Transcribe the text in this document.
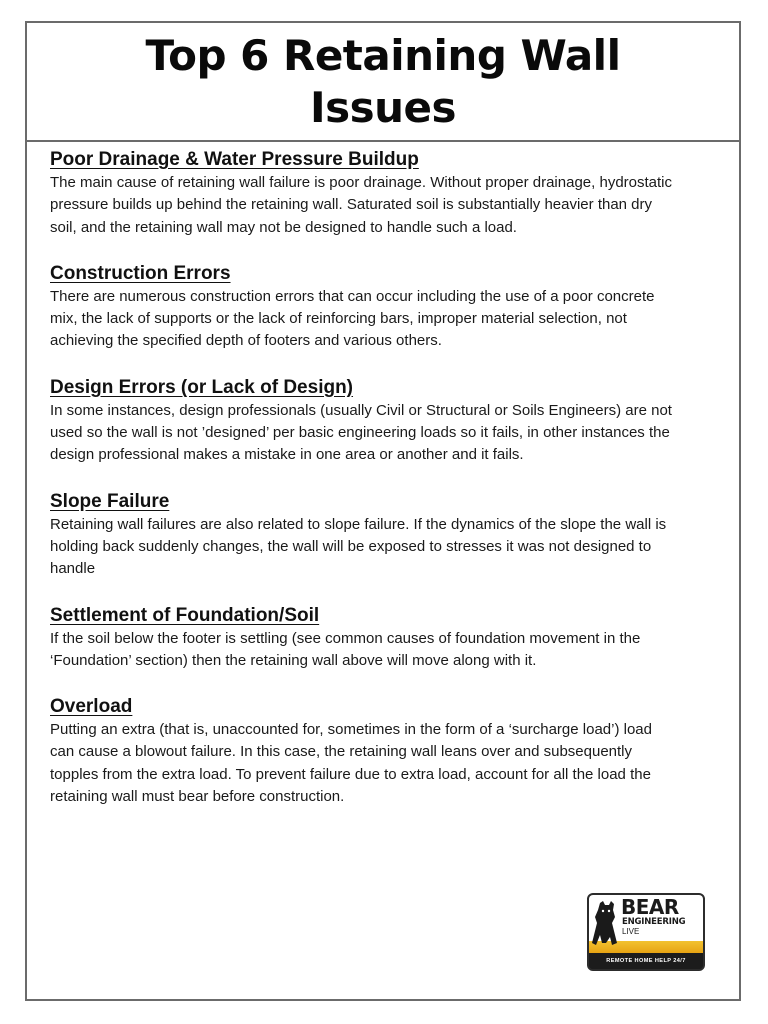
Top 6 Retaining Wall Issues
Poor Drainage & Water Pressure Buildup

The main cause of retaining wall failure is poor drainage. Without proper drainage, hydrostatic pressure builds up behind the retaining wall. Saturated soil is substantially heavier than dry soil, and the retaining wall may not be designed to handle such a load.

Construction Errors

There are numerous construction errors that can occur including the use of a poor concrete mix, the lack of supports or the lack of reinforcing bars, improper material selection, not achieving the specified depth of footers and various others.

Design Errors (or Lack of Design)

In some instances, design professionals (usually Civil or Structural or Soils Engineers) are not used so the wall is not ’designed’ per basic engineering loads so it fails, in other instances the design professional makes a mistake in one area or another and it fails.

Slope Failure

Retaining wall failures are also related to slope failure. If the dynamics of the slope the wall is holding back suddenly changes, the wall will be exposed to stresses it was not designed to handle

Settlement of Foundation/Soil

If the soil below the footer is settling (see common causes of foundation movement in the ‘Foundation’ section) then the retaining wall above will move along with it.

Overload

Putting an extra (that is, unaccounted for, sometimes in the form of a ‘surcharge load’) load can cause a blowout failure. In this case, the retaining wall leans over and subsequently topples from the extra load. To prevent failure due to extra load, account for all the load the retaining wall must bear before construction.

BEAR
ENGINEERING
LIVE
REMOTE HOME HELP 24/7
